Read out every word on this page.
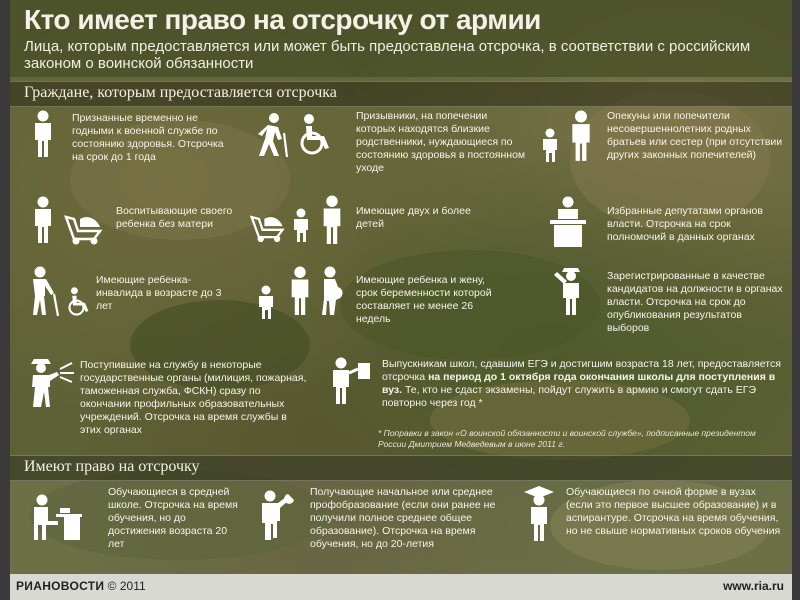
Кто имеет право на отсрочку от армии
Лица, которым предоставляется или может быть предоставлена отсрочка, в соответствии с российским законом о воинской обязанности
Граждане, которым предоставляется отсрочка
Признанные временно не годными к военной службе по состоянию здоровья. Отсрочка на срок до 1 года
Призывники, на попечении которых находятся близкие родственники, нуждающиеся по состоянию здоровья в постоянном уходе
Опекуны или попечители несовершеннолетних родных братьев или сестер (при отсутствии других законных попечителей)
Воспитывающие своего ребенка без матери
Имеющие двух и более детей
Избранные депутатами органов власти. Отсрочка на срок полномочий в данных органах
Имеющие ребенка-инвалида в возрасте до 3 лет
Имеющие ребенка и жену, срок беременности которой составляет не менее 26 недель
Зарегистрированные в качестве кандидатов на должности в органах власти. Отсрочка на срок до опубликования результатов выборов
Поступившие на службу в некоторые государственные органы (милиция, пожарная, таможенная служба, ФСКН) сразу по окончании профильных образовательных учреждений. Отсрочка на время службы в этих органах
Выпускникам школ, сдавшим ЕГЭ и достигшим возраста 18 лет, предоставляется отсрочка на период до 1 октября года окончания школы для поступления в вуз. Те, кто не сдаст экзамены, пойдут служить в армию и смогут сдать ЕГЭ повторно через год *
* Поправки в закон «О воинской обязанности и воинской службе», подписанные президентом России Дмитрием Медведевым в июне 2011 г.
Имеют право на отсрочку
Обучающиеся в средней школе. Отсрочка на время обучения, но до достижения возраста 20 лет
Получающие начальное или среднее профобразование (если они ранее не получили полное среднее общее образование). Отсрочка на время обучения, но до 20-летия
Обучающиеся по очной форме в вузах (если это первое высшее образование) и в аспирантуре. Отсрочка на время обучения, но не свыше нормативных сроков обучения
РИАНОВОСТИ © 2011	www.ria.ru
